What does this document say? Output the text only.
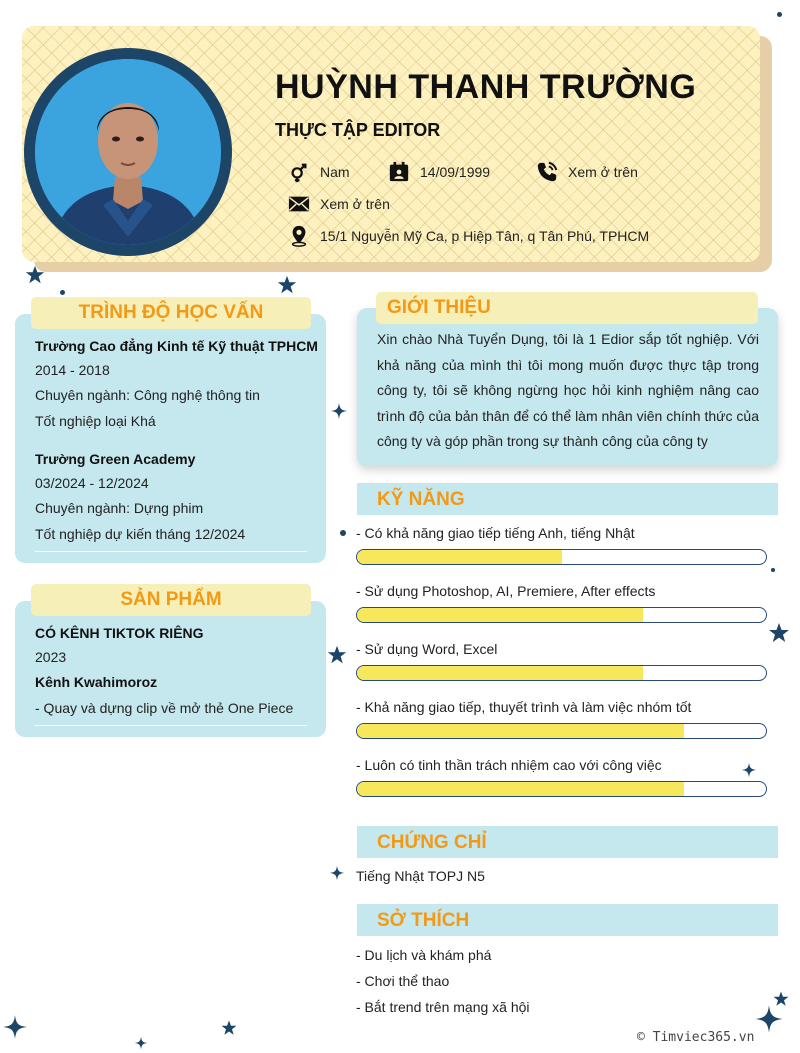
HUỲNH THANH TRƯỜNG
THỰC TẬP EDITOR
Nam	14/09/1999	Xem ở trên
Xem ở trên
15/1 Nguyễn Mỹ Ca, p Hiệp Tân, q Tân Phú, TPHCM
TRÌNH ĐỘ HỌC VẤN
Trường Cao đẳng Kinh tế Kỹ thuật TPHCM
2014 - 2018
Chuyên ngành: Công nghệ thông tin
Tốt nghiệp loại Khá
Trường Green Academy
03/2024 - 12/2024
Chuyên ngành: Dựng phim
Tốt nghiệp dự kiến tháng 12/2024
SẢN PHẨM
CÓ KÊNH TIKTOK RIÊNG
2023
Kênh Kwahimoroz
- Quay và dựng clip về mở thẻ One Piece
GIỚI THIỆU
Xin chào Nhà Tuyển Dụng, tôi là 1 Edior sắp tốt nghiệp. Với khả năng của mình thì tôi mong muốn được thực tập trong công ty, tôi sẽ không ngừng học hỏi kinh nghiệm nâng cao trình độ của bản thân để có thể làm nhân viên chính thức của công ty và góp phần trong sự thành công của công ty
KỸ NĂNG
- Có khả năng giao tiếp tiếng Anh, tiếng Nhật
- Sử dụng Photoshop, AI, Premiere, After effects
- Sử dụng Word, Excel
- Khả năng giao tiếp, thuyết trình và làm việc nhóm tốt
- Luôn có tinh thần trách nhiệm cao với công việc
CHỨNG CHỈ
Tiếng Nhật TOPJ N5
SỞ THÍCH
- Du lịch và khám phá
- Chơi thể thao
- Bắt trend trên mạng xã hội
© Timviec365.vn
